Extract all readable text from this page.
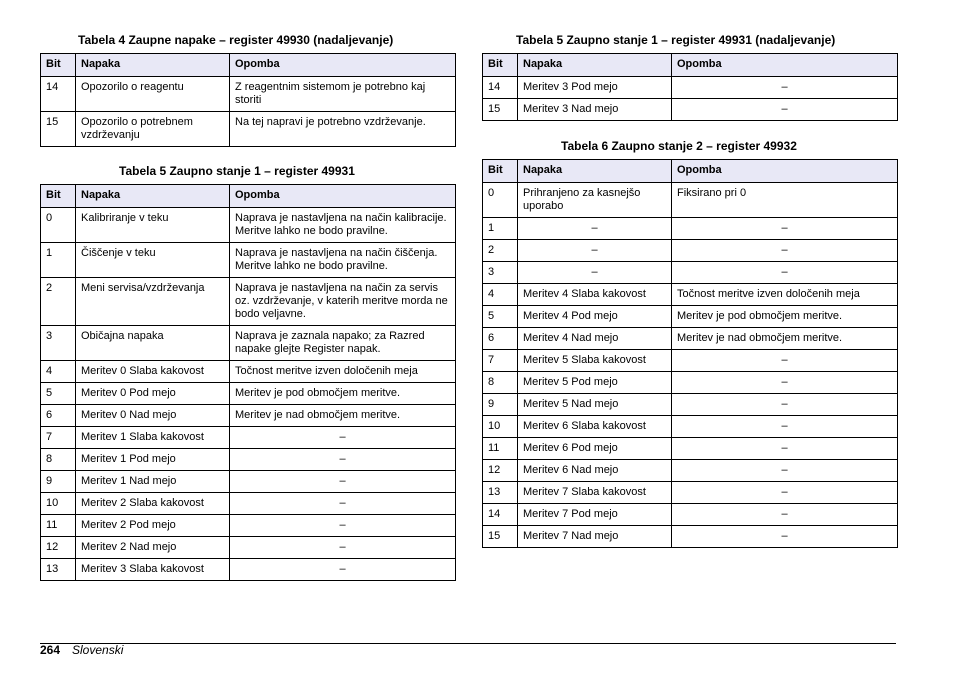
Tabela 4 Zaupne napake – register 49930 (nadaljevanje)
Bit	Napaka	Opomba
14	Opozorilo o reagentu	Z reagentnim sistemom je potrebno kaj storiti
15	Opozorilo o potrebnem vzdrževanju	Na tej napravi je potrebno vzdrževanje.
Tabela 5 Zaupno stanje 1 – register 49931
Bit	Napaka	Opomba
0	Kalibriranje v teku	Naprava je nastavljena na način kalibracije. Meritve lahko ne bodo pravilne.
1	Čiščenje v teku	Naprava je nastavljena na način čiščenja. Meritve lahko ne bodo pravilne.
2	Meni servisa/vzdrževanja	Naprava je nastavljena na način za servis oz. vzdrževanje, v katerih meritve morda ne bodo veljavne.
3	Običajna napaka	Naprava je zaznala napako; za Razred napake glejte Register napak.
4	Meritev 0 Slaba kakovost	Točnost meritve izven določenih meja
5	Meritev 0 Pod mejo	Meritev je pod območjem meritve.
6	Meritev 0 Nad mejo	Meritev je nad območjem meritve.
7	Meritev 1 Slaba kakovost	–
8	Meritev 1 Pod mejo	–
9	Meritev 1 Nad mejo	–
10	Meritev 2 Slaba kakovost	–
11	Meritev 2 Pod mejo	–
12	Meritev 2 Nad mejo	–
13	Meritev 3 Slaba kakovost	–
Tabela 5 Zaupno stanje 1 – register 49931 (nadaljevanje)
Bit	Napaka	Opomba
14	Meritev 3 Pod mejo	–
15	Meritev 3 Nad mejo	–
Tabela 6 Zaupno stanje 2 – register 49932
Bit	Napaka	Opomba
0	Prihranjeno za kasnejšo uporabo	Fiksirano pri 0
1	–	–
2	–	–
3	–	–
4	Meritev 4 Slaba kakovost	Točnost meritve izven določenih meja
5	Meritev 4 Pod mejo	Meritev je pod območjem meritve.
6	Meritev 4 Nad mejo	Meritev je nad območjem meritve.
7	Meritev 5 Slaba kakovost	–
8	Meritev 5 Pod mejo	–
9	Meritev 5 Nad mejo	–
10	Meritev 6 Slaba kakovost	–
11	Meritev 6 Pod mejo	–
12	Meritev 6 Nad mejo	–
13	Meritev 7 Slaba kakovost	–
14	Meritev 7 Pod mejo	–
15	Meritev 7 Nad mejo	–
264 Slovenski
